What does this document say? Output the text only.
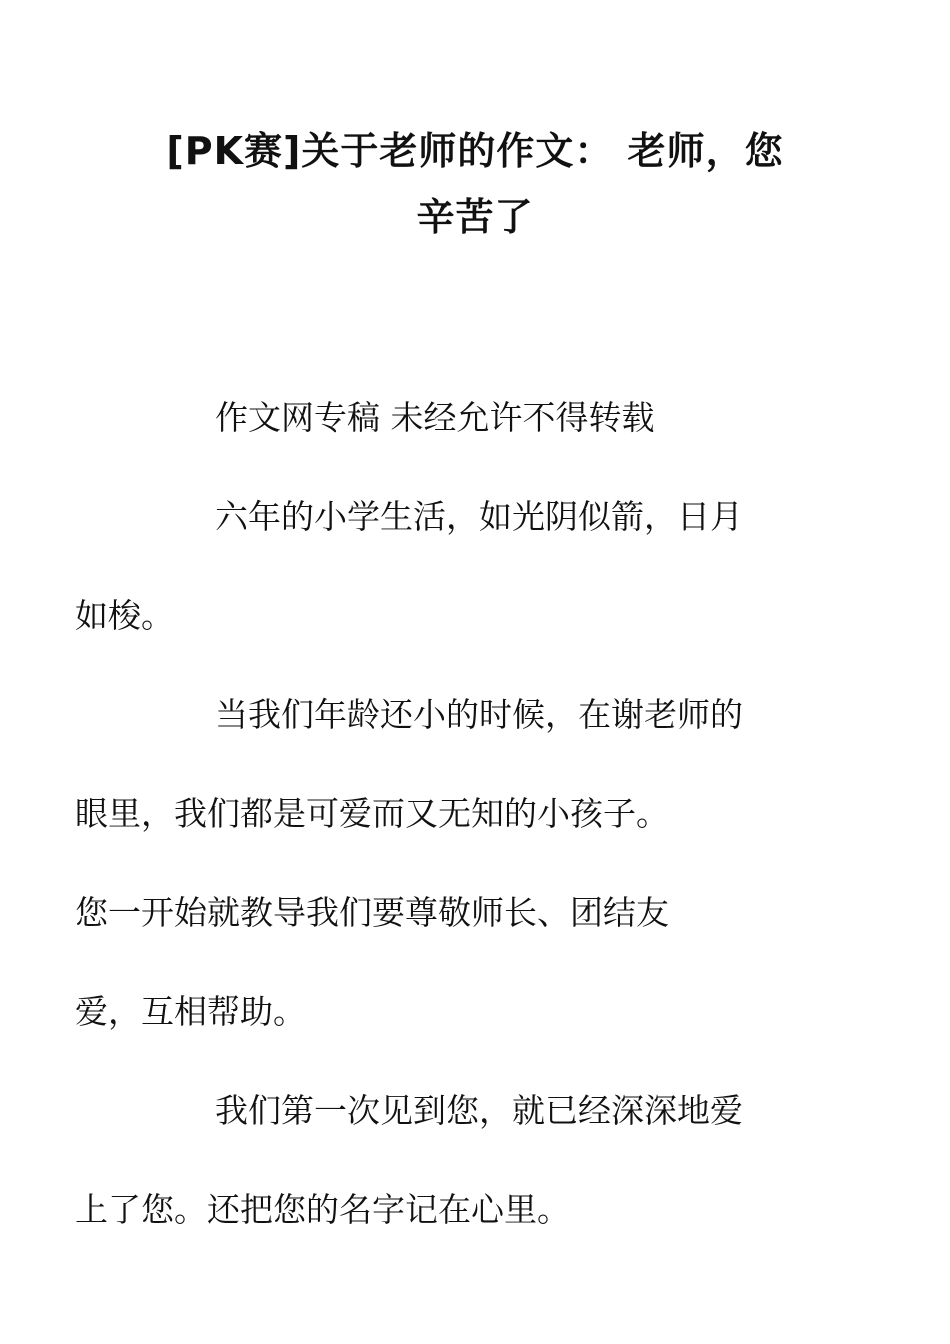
[PK赛]关于老师的作文： 老师，您
辛苦了

作文网专稿 未经允许不得转载

六年的小学生活，如光阴似箭，日月
如梭。

当我们年龄还小的时候，在谢老师的
眼里，我们都是可爱而又无知的小孩子。
您一开始就教导我们要尊敬师长、团结友
爱，互相帮助。

我们第一次见到您，就已经深深地爱
上了您。还把您的名字记在心里。
